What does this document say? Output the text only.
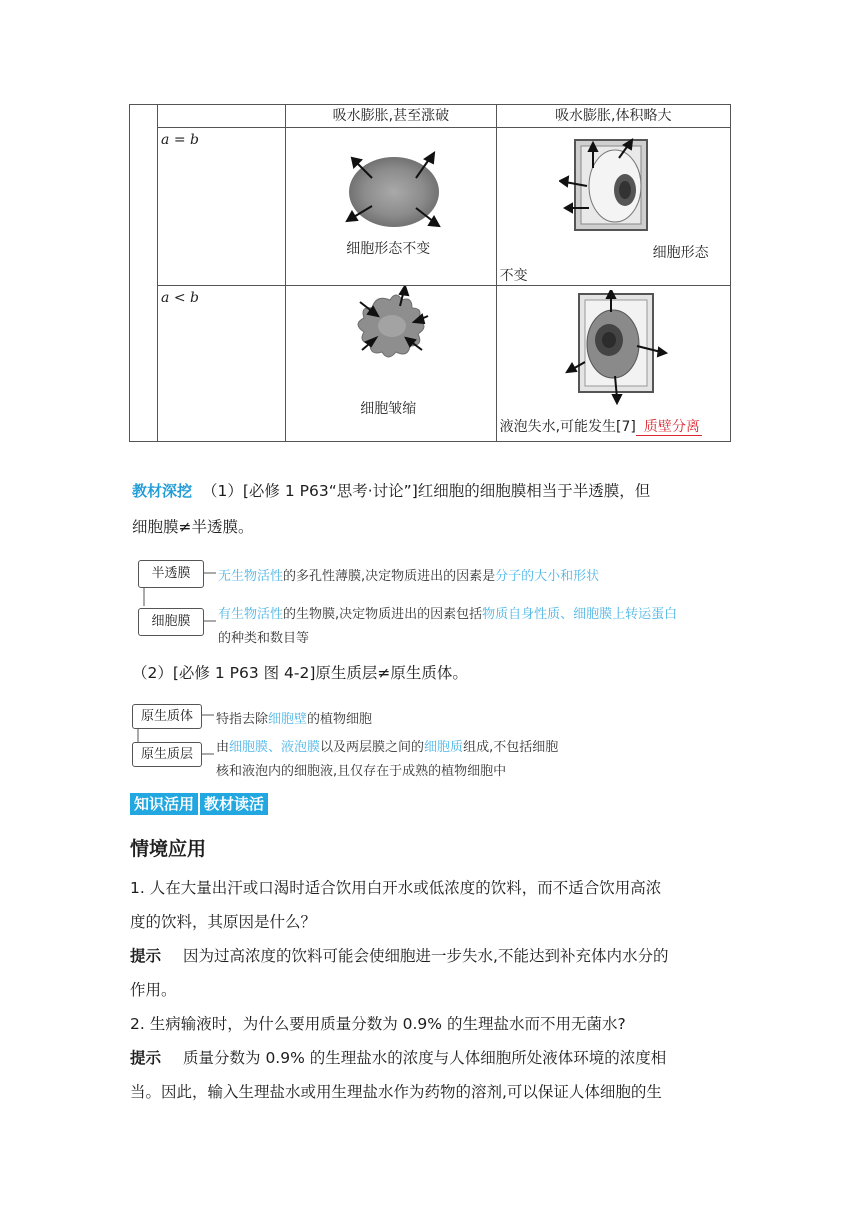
		吸水膨胀,甚至涨破	吸水膨胀,体积略大

	a = b	细胞形态不变	细胞形态
不变

	a < b	细胞皱缩	液泡失水,可能发生[7] 质壁分离
教材深挖 （1）[必修 1 P63“思考·讨论”]红细胞的细胞膜相当于半透膜，但
细胞膜≠半透膜。
半透膜
细胞膜
无生物活性的多孔性薄膜,决定物质进出的因素是分子的大小和形状
有生物活性的生物膜,决定物质进出的因素包括物质自身性质、细胞膜上转运蛋白
的种类和数目等
（2）[必修 1 P63 图 4-2]原生质层≠原生质体。
原生质体
原生质层
特指去除细胞壁的植物细胞
由细胞膜、液泡膜以及两层膜之间的细胞质组成,不包括细胞
核和液泡内的细胞液,且仅存在于成熟的植物细胞中
知识活用 教材读活
情境应用
1. 人在大量出汗或口渴时适合饮用白开水或低浓度的饮料，而不适合饮用高浓
度的饮料，其原因是什么？
提示 因为过高浓度的饮料可能会使细胞进一步失水,不能达到补充体内水分的
作用。
2. 生病输液时，为什么要用质量分数为 0.9% 的生理盐水而不用无菌水?
提示 质量分数为 0.9% 的生理盐水的浓度与人体细胞所处液体环境的浓度相
当。因此，输入生理盐水或用生理盐水作为药物的溶剂,可以保证人体细胞的生
